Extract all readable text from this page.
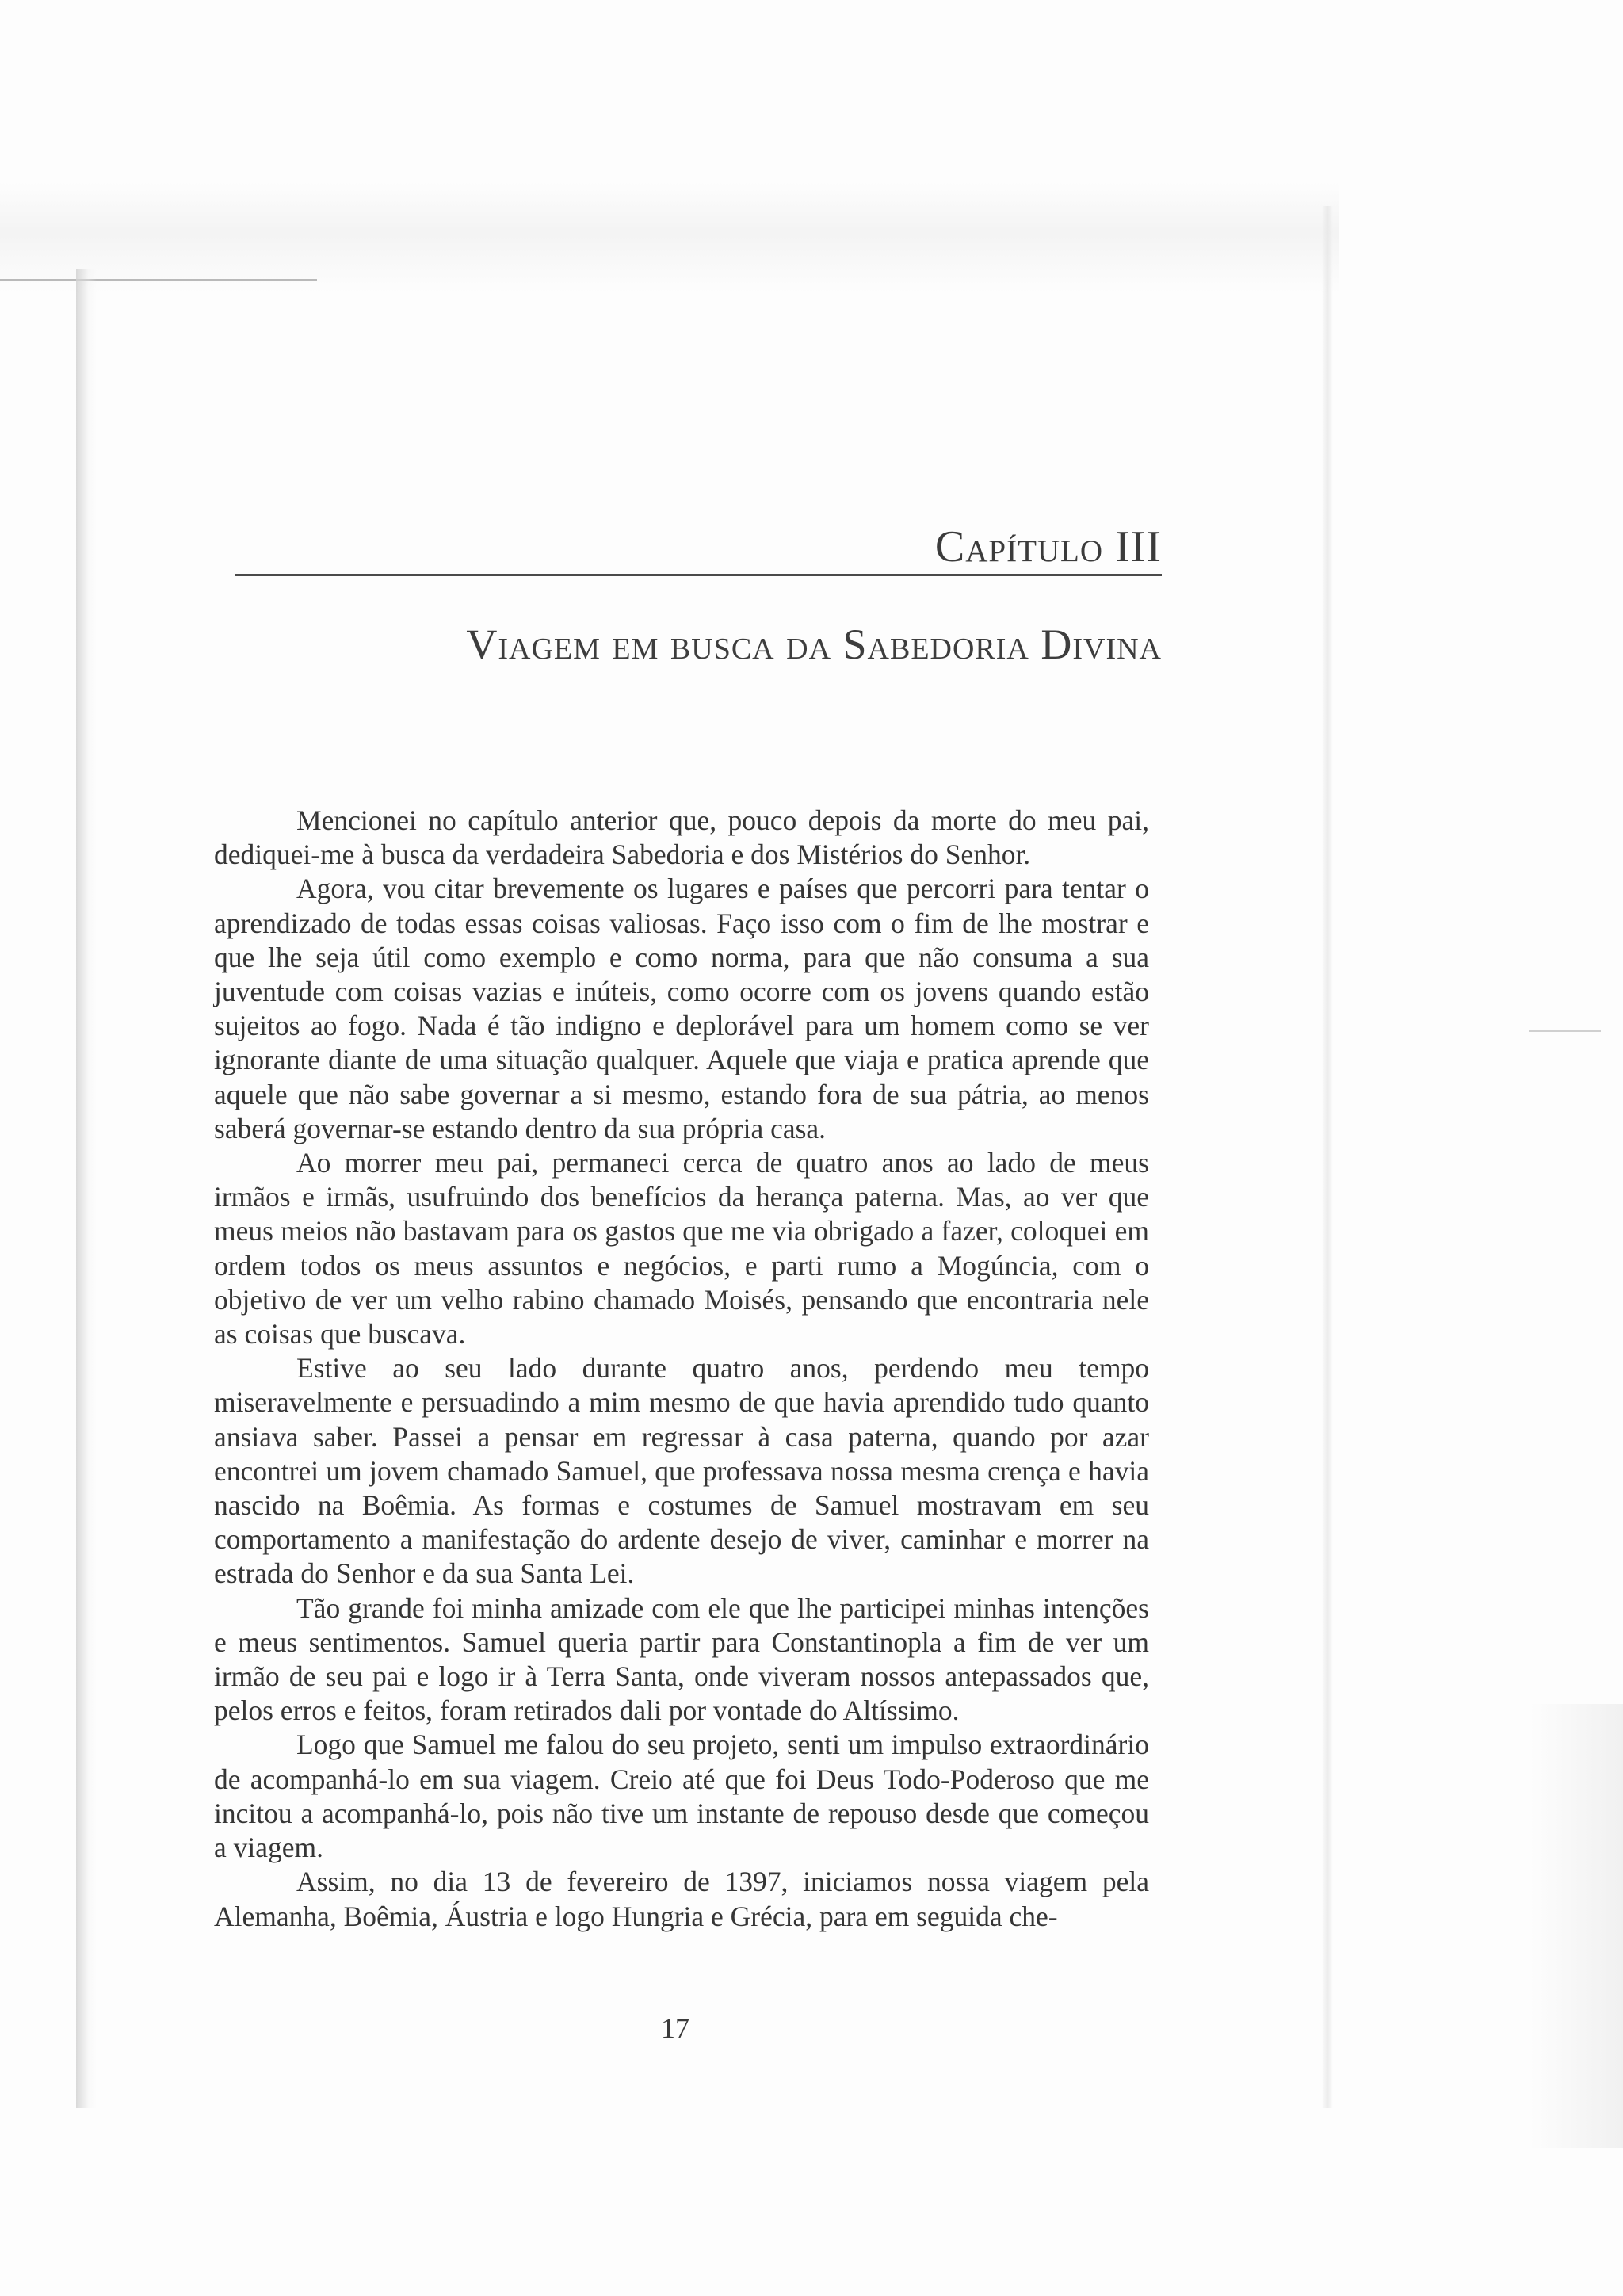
Capítulo III
Viagem em busca da Sabedoria Divina

Mencionei no capítulo anterior que, pouco depois da morte do meu pai, dediquei-me à busca da verdadeira Sabedoria e dos Mistérios do Senhor.

Agora, vou citar brevemente os lugares e países que percorri para tentar o aprendizado de todas essas coisas valiosas. Faço isso com o fim de lhe mostrar e que lhe seja útil como exemplo e como norma, para que não consuma a sua juventude com coisas vazias e inúteis, como ocorre com os jovens quando estão sujeitos ao fogo. Nada é tão indigno e deplorável para um homem como se ver ignorante diante de uma situação qualquer. Aquele que viaja e pratica aprende que aquele que não sabe governar a si mesmo, estando fora de sua pátria, ao menos saberá governar-se estando dentro da sua própria casa.

Ao morrer meu pai, permaneci cerca de quatro anos ao lado de meus irmãos e irmãs, usufruindo dos benefícios da herança paterna. Mas, ao ver que meus meios não bastavam para os gastos que me via obrigado a fazer, coloquei em ordem todos os meus assuntos e negócios, e parti rumo a Mogúncia, com o objetivo de ver um velho rabino chamado Moisés, pensando que encontraria nele as coisas que buscava.

Estive ao seu lado durante quatro anos, perdendo meu tempo miseravelmente e persuadindo a mim mesmo de que havia aprendido tudo quanto ansiava saber. Passei a pensar em regressar à casa paterna, quando por azar encontrei um jovem chamado Samuel, que professava nossa mesma crença e havia nascido na Boêmia. As formas e costumes de Samuel mostravam em seu comportamento a manifestação do ardente desejo de viver, caminhar e morrer na estrada do Senhor e da sua Santa Lei.

Tão grande foi minha amizade com ele que lhe participei minhas intenções e meus sentimentos. Samuel queria partir para Constantinopla a fim de ver um irmão de seu pai e logo ir à Terra Santa, onde viveram nossos antepassados que, pelos erros e feitos, foram retirados dali por vontade do Altíssimo.

Logo que Samuel me falou do seu projeto, senti um impulso extraordinário de acompanhá-lo em sua viagem. Creio até que foi Deus Todo-Poderoso que me incitou a acompanhá-lo, pois não tive um instante de repouso desde que começou a viagem.

Assim, no dia 13 de fevereiro de 1397, iniciamos nossa viagem pela Alemanha, Boêmia, Áustria e logo Hungria e Grécia, para em seguida che-

17
